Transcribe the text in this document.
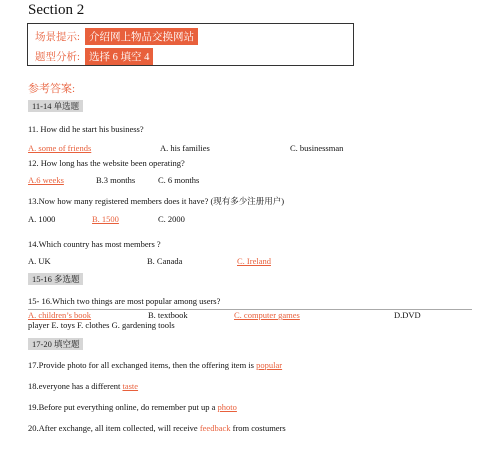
Section 2
场景提示: 介绍网上物品交换网站
题型分析: 选择 6 填空 4
参考答案:
11-14 单选题
11. How did he start his business?
A. some of friends	A. his families	C. businessman
12. How long has the website been operating?
A.6 weeks	B.3 months	C. 6 months
13.Now how many registered members does it have? (现有多少注册用户)
A. 1000	B. 1500	C. 2000
14.Which country has most members ?
A. UK	B. Canada	C. Ireland
15-16 多选题
15- 16.Which two things are most popular among users?
A. children’s book	B. textbook	C. computer games	D.DVD
player E. toys F. clothes G. gardening tools
17-20 填空题
17.Provide photo for all exchanged items, then the offering item is popular
18.everyone has a different taste
19.Before put everything online, do remember put up a photo
20.After exchange, all item collected, will receive feedback from costumers
